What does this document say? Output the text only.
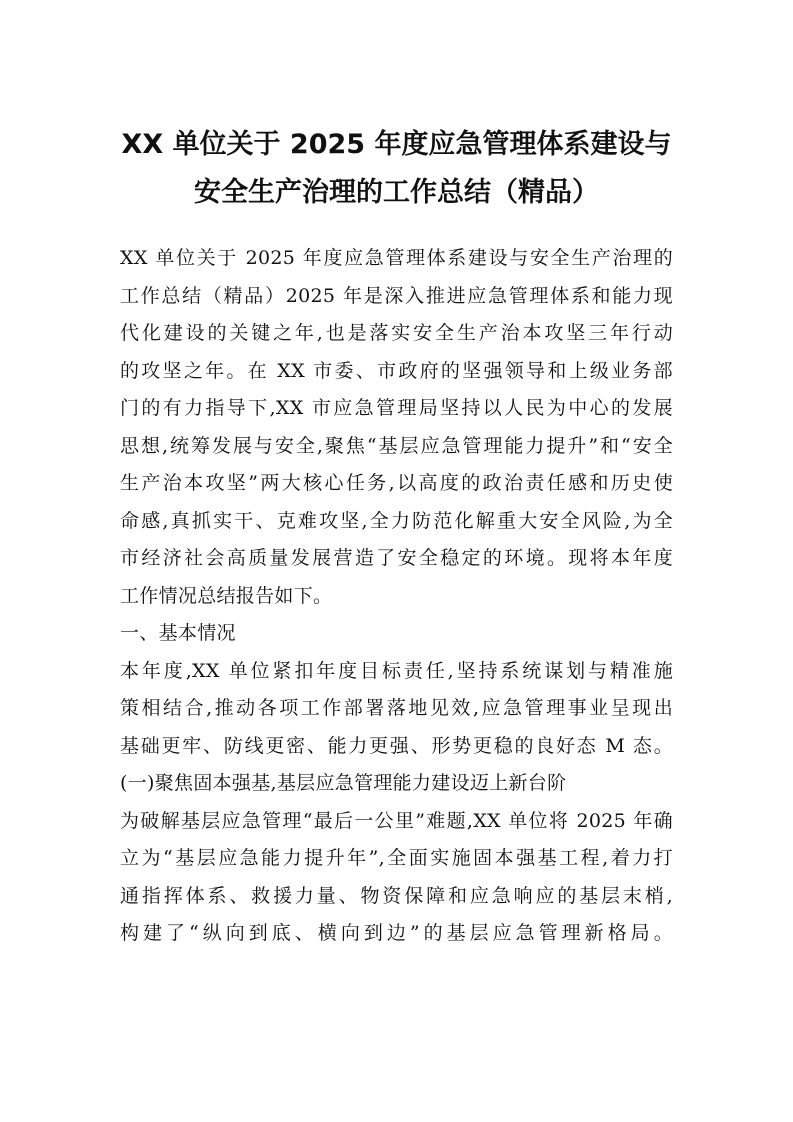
XX 单位关于 2025 年度应急管理体系建设与
安全生产治理的工作总结（精品）
XX 单位关于 2025 年度应急管理体系建设与安全生产治理的
工作总结（精品）2025 年是深入推进应急管理体系和能力现
代化建设的关键之年,也是落实安全生产治本攻坚三年行动
的攻坚之年。在 XX 市委、市政府的坚强领导和上级业务部
门的有力指导下,XX 市应急管理局坚持以人民为中心的发展
思想,统筹发展与安全,聚焦“基层应急管理能力提升”和“安全
生产治本攻坚”两大核心任务,以高度的政治责任感和历史使
命感,真抓实干、克难攻坚,全力防范化解重大安全风险,为全
市经济社会高质量发展营造了安全稳定的环境。现将本年度
工作情况总结报告如下。
一、基本情况
本年度,XX 单位紧扣年度目标责任,坚持系统谋划与精准施
策相结合,推动各项工作部署落地见效,应急管理事业呈现出
基础更牢、防线更密、能力更强、形势更稳的良好态 M 态。
(一)聚焦固本强基,基层应急管理能力建设迈上新台阶
为破解基层应急管理“最后一公里”难题,XX 单位将 2025 年确
立为“基层应急能力提升年”,全面实施固本强基工程,着力打
通指挥体系、救援力量、物资保障和应急响应的基层末梢,
构建了“纵向到底、横向到边”的基层应急管理新格局。
